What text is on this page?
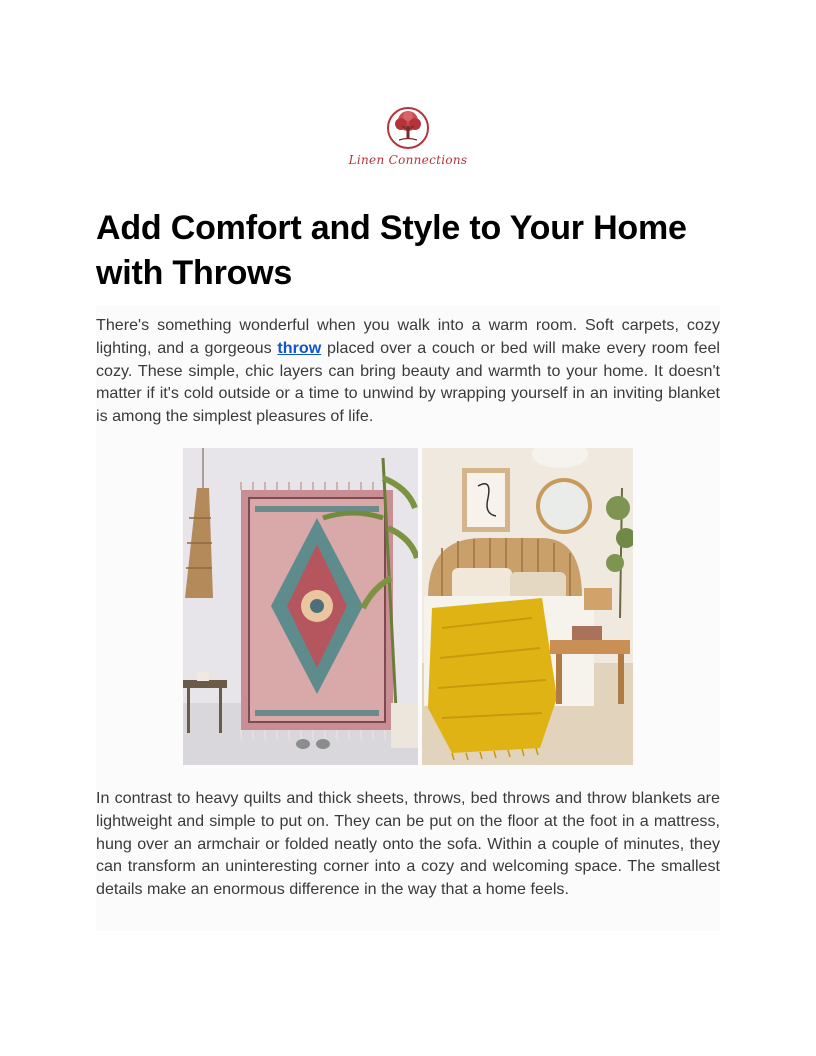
Linen Connections
Add Comfort and Style to Your Home with Throws
There's something wonderful when you walk into a warm room. Soft carpets, cozy lighting, and a gorgeous throw placed over a couch or bed will make every room feel cozy. These simple, chic layers can bring beauty and warmth to your home. It doesn't matter if it's cold outside or a time to unwind by wrapping yourself in an inviting blanket is among the simplest pleasures of life.
In contrast to heavy quilts and thick sheets, throws, bed throws and throw blankets are lightweight and simple to put on. They can be put on the floor at the foot in a mattress, hung over an armchair or folded neatly onto the sofa. Within a couple of minutes, they can transform an uninteresting corner into a cozy and welcoming space. The smallest details make an enormous difference in the way that a home feels.
